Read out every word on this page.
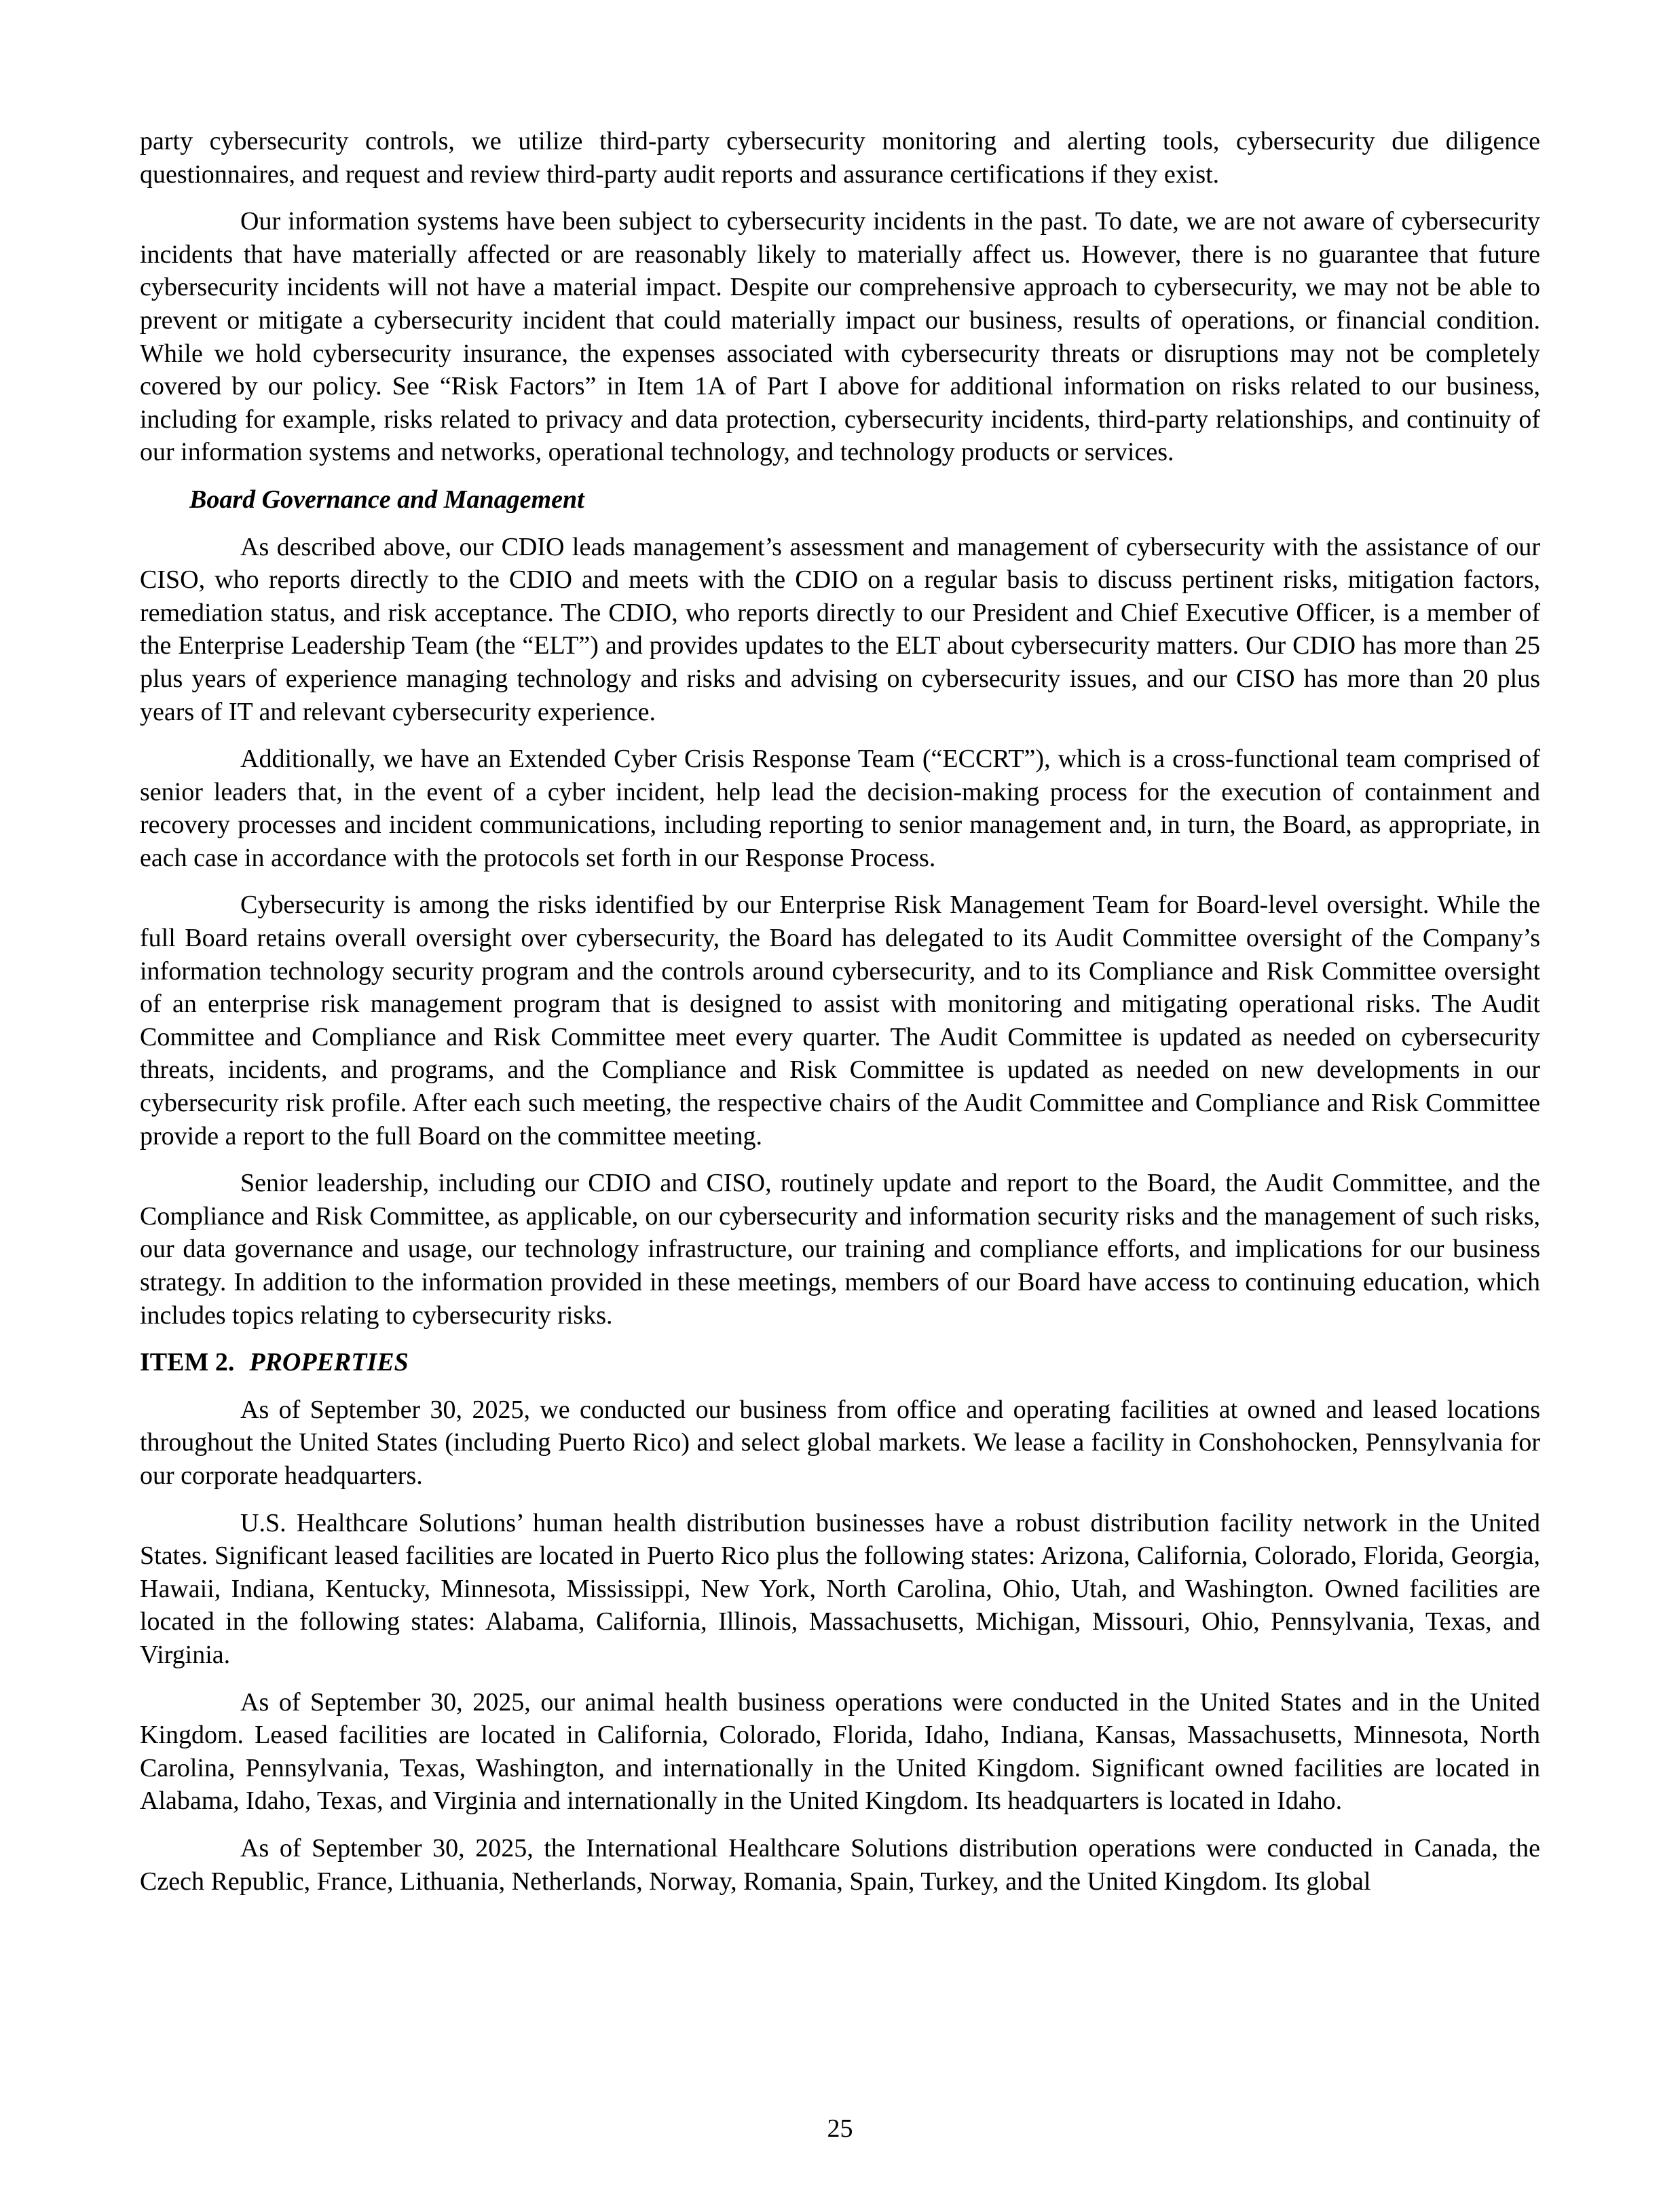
party cybersecurity controls, we utilize third-party cybersecurity monitoring and alerting tools, cybersecurity due diligence questionnaires, and request and review third-party audit reports and assurance certifications if they exist.

Our information systems have been subject to cybersecurity incidents in the past. To date, we are not aware of cybersecurity incidents that have materially affected or are reasonably likely to materially affect us. However, there is no guarantee that future cybersecurity incidents will not have a material impact. Despite our comprehensive approach to cybersecurity, we may not be able to prevent or mitigate a cybersecurity incident that could materially impact our business, results of operations, or financial condition. While we hold cybersecurity insurance, the expenses associated with cybersecurity threats or disruptions may not be completely covered by our policy. See “Risk Factors” in Item 1A of Part I above for additional information on risks related to our business, including for example, risks related to privacy and data protection, cybersecurity incidents, third-party relationships, and continuity of our information systems and networks, operational technology, and technology products or services.

Board Governance and Management

As described above, our CDIO leads management’s assessment and management of cybersecurity with the assistance of our CISO, who reports directly to the CDIO and meets with the CDIO on a regular basis to discuss pertinent risks, mitigation factors, remediation status, and risk acceptance. The CDIO, who reports directly to our President and Chief Executive Officer, is a member of the Enterprise Leadership Team (the “ELT”) and provides updates to the ELT about cybersecurity matters. Our CDIO has more than 25 plus years of experience managing technology and risks and advising on cybersecurity issues, and our CISO has more than 20 plus years of IT and relevant cybersecurity experience.

Additionally, we have an Extended Cyber Crisis Response Team (“ECCRT”), which is a cross-functional team comprised of senior leaders that, in the event of a cyber incident, help lead the decision-making process for the execution of containment and recovery processes and incident communications, including reporting to senior management and, in turn, the Board, as appropriate, in each case in accordance with the protocols set forth in our Response Process.

Cybersecurity is among the risks identified by our Enterprise Risk Management Team for Board-level oversight. While the full Board retains overall oversight over cybersecurity, the Board has delegated to its Audit Committee oversight of the Company’s information technology security program and the controls around cybersecurity, and to its Compliance and Risk Committee oversight of an enterprise risk management program that is designed to assist with monitoring and mitigating operational risks. The Audit Committee and Compliance and Risk Committee meet every quarter. The Audit Committee is updated as needed on cybersecurity threats, incidents, and programs, and the Compliance and Risk Committee is updated as needed on new developments in our cybersecurity risk profile. After each such meeting, the respective chairs of the Audit Committee and Compliance and Risk Committee provide a report to the full Board on the committee meeting.

Senior leadership, including our CDIO and CISO, routinely update and report to the Board, the Audit Committee, and the Compliance and Risk Committee, as applicable, on our cybersecurity and information security risks and the management of such risks, our data governance and usage, our technology infrastructure, our training and compliance efforts, and implications for our business strategy. In addition to the information provided in these meetings, members of our Board have access to continuing education, which includes topics relating to cybersecurity risks.

ITEM 2. PROPERTIES

As of September 30, 2025, we conducted our business from office and operating facilities at owned and leased locations throughout the United States (including Puerto Rico) and select global markets. We lease a facility in Conshohocken, Pennsylvania for our corporate headquarters.

U.S. Healthcare Solutions’ human health distribution businesses have a robust distribution facility network in the United States. Significant leased facilities are located in Puerto Rico plus the following states: Arizona, California, Colorado, Florida, Georgia, Hawaii, Indiana, Kentucky, Minnesota, Mississippi, New York, North Carolina, Ohio, Utah, and Washington. Owned facilities are located in the following states: Alabama, California, Illinois, Massachusetts, Michigan, Missouri, Ohio, Pennsylvania, Texas, and Virginia.

As of September 30, 2025, our animal health business operations were conducted in the United States and in the United Kingdom. Leased facilities are located in California, Colorado, Florida, Idaho, Indiana, Kansas, Massachusetts, Minnesota, North Carolina, Pennsylvania, Texas, Washington, and internationally in the United Kingdom. Significant owned facilities are located in Alabama, Idaho, Texas, and Virginia and internationally in the United Kingdom. Its headquarters is located in Idaho.

As of September 30, 2025, the International Healthcare Solutions distribution operations were conducted in Canada, the Czech Republic, France, Lithuania, Netherlands, Norway, Romania, Spain, Turkey, and the United Kingdom. Its global

25
